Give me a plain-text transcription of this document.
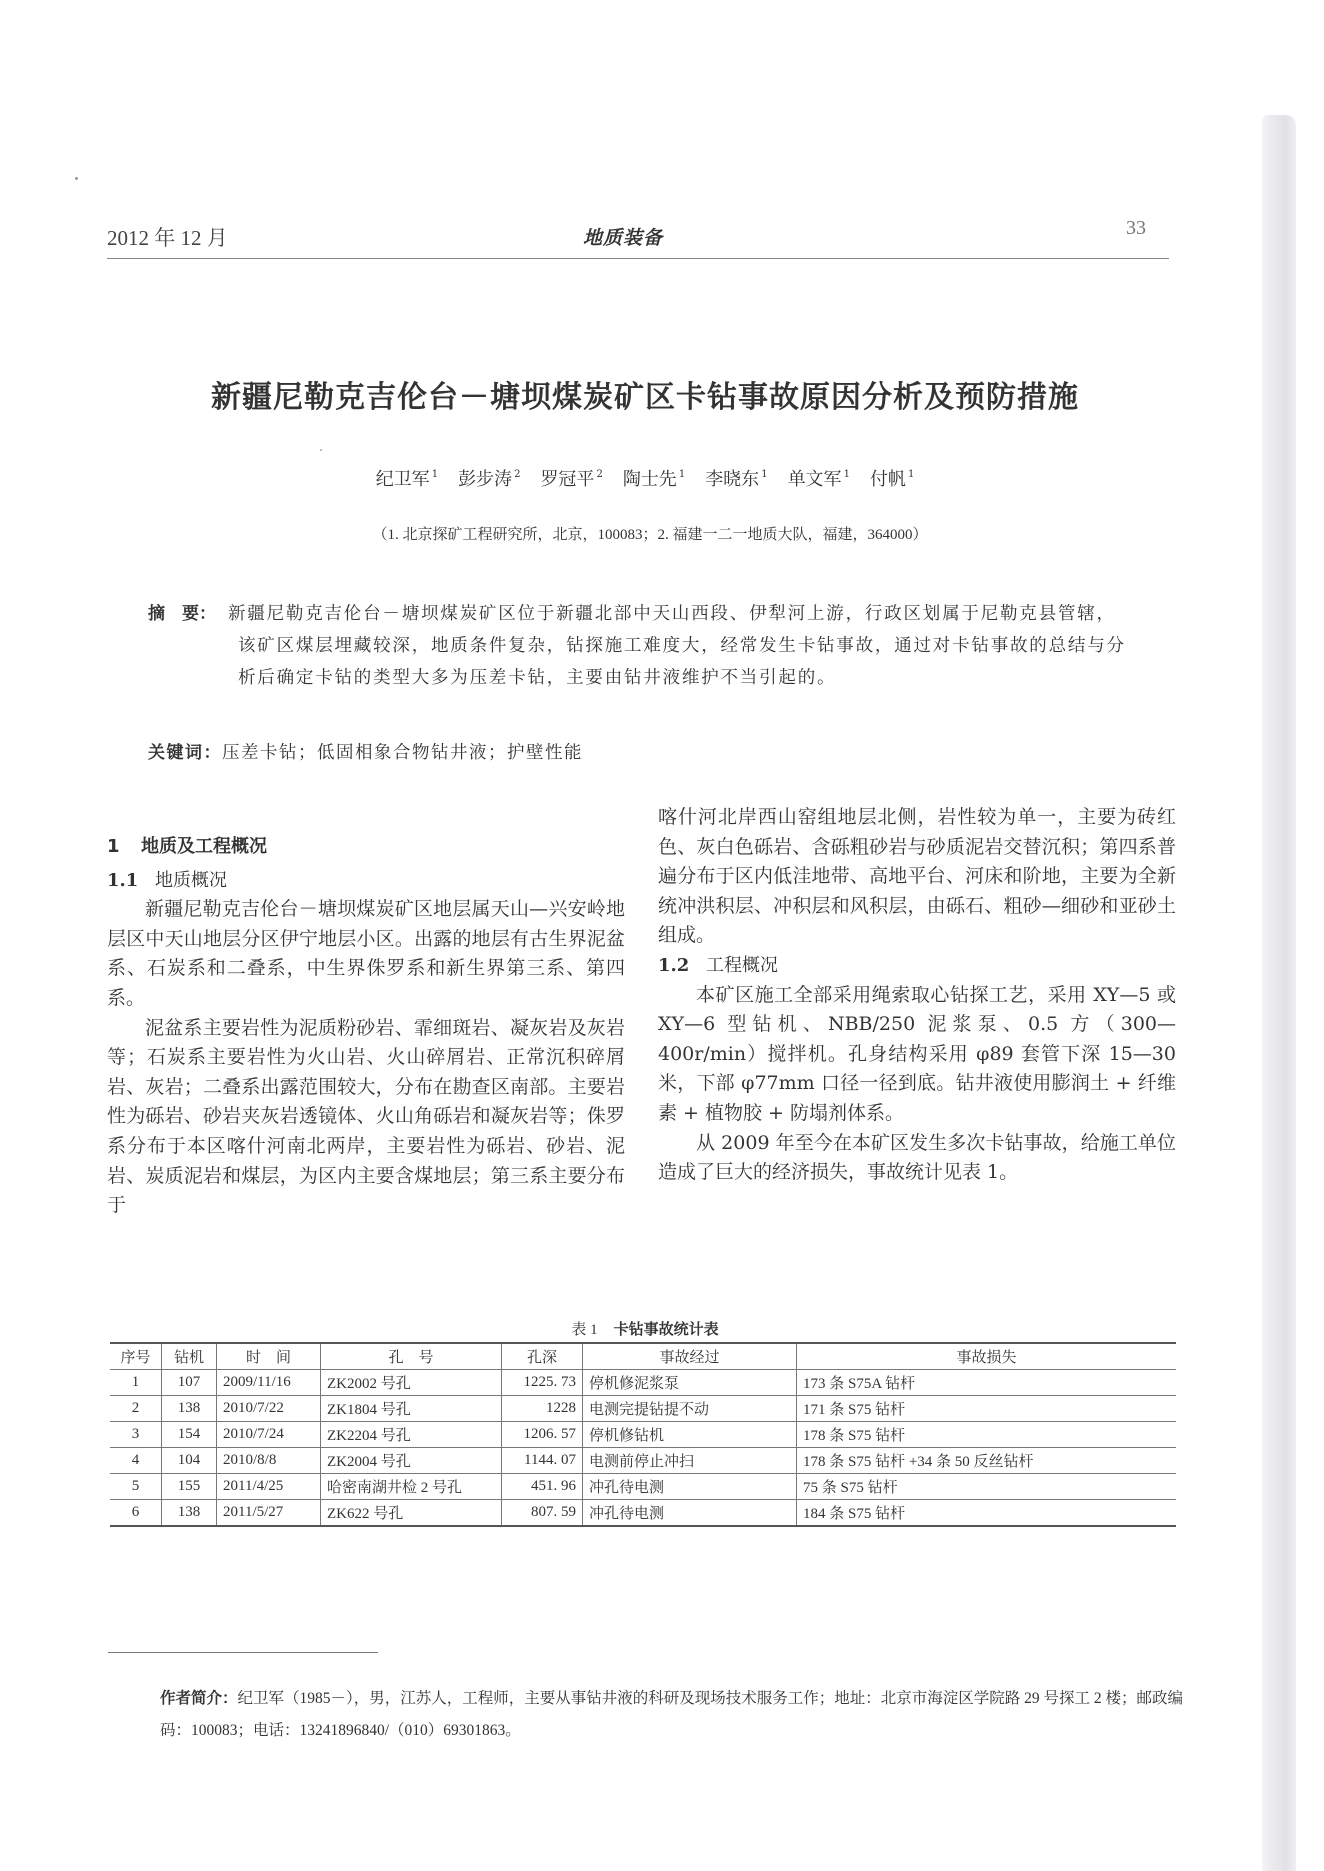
2012 年 12 月	地质装备	33
新疆尼勒克吉伦台－塘坝煤炭矿区卡钻事故原因分析及预防措施
纪卫军 $^1$ 彭步涛 $^2$ 罗冠平 $^2$ 陶士先 $^1$ 李晓东 $^1$ 单文军 $^1$ 付帆 $^1$
（1. 北京探矿工程研究所，北京，100083；2. 福建一二一地质大队，福建，364000）
摘　要： 新疆尼勒克吉伦台－塘坝煤炭矿区位于新疆北部中天山西段、伊犁河上游，行政区划属于尼勒克县管辖，该矿区煤层埋藏较深，地质条件复杂，钻探施工难度大，经常发生卡钻事故，通过对卡钻事故的总结与分析后确定卡钻的类型大多为压差卡钻，主要由钻井液维护不当引起的。
关键词：压差卡钻；低固相象合物钻井液；护壁性能
1 地质及工程概况
1.1 地质概况

新疆尼勒克吉伦台－塘坝煤炭矿区地层属天山—兴安岭地层区中天山地层分区伊宁地层小区。出露的地层有古生界泥盆系、石炭系和二叠系，中生界侏罗系和新生界第三系、第四系。

泥盆系主要岩性为泥质粉砂岩、霏细斑岩、凝灰岩及灰岩等；石炭系主要岩性为火山岩、火山碎屑岩、正常沉积碎屑岩、灰岩；二叠系出露范围较大，分布在勘查区南部。主要岩性为砾岩、砂岩夹灰岩透镜体、火山角砾岩和凝灰岩等；侏罗系分布于本区喀什河南北两岸，主要岩性为砾岩、砂岩、泥岩、炭质泥岩和煤层，为区内主要含煤地层；第三系主要分布于

喀什河北岸西山窑组地层北侧，岩性较为单一，主要为砖红色、灰白色砾岩、含砾粗砂岩与砂质泥岩交替沉积；第四系普遍分布于区内低洼地带、高地平台、河床和阶地，主要为全新统冲洪积层、冲积层和风积层，由砾石、粗砂—细砂和亚砂土组成。

1.2 工程概况

本矿区施工全部采用绳索取心钻探工艺，采用 XY—5 或 XY—6 型钻机、NBB/250 泥浆泵、0.5 方（300—400r/min）搅拌机。孔身结构采用 φ89 套管下深 15—30 米，下部 φ77mm 口径一径到底。钻井液使用膨润土 + 纤维素 + 植物胶 + 防塌剂体系。

从 2009 年至今在本矿区发生多次卡钻事故，给施工单位造成了巨大的经济损失，事故统计见表 1。

表 1 卡钻事故统计表
序号	钻机	时　间	孔　号	孔深	事故经过	事故损失
1	107	2009/11/16	ZK2002 号孔	1225. 73	停机修泥浆泵	173 条 S75A 钻杆
2	138	2010/7/22	ZK1804 号孔	1228	电测完提钻提不动	171 条 S75 钻杆
3	154	2010/7/24	ZK2204 号孔	1206. 57	停机修钻机	178 条 S75 钻杆
4	104	2010/8/8	ZK2004 号孔	1144. 07	电测前停止冲扫	178 条 S75 钻杆 +34 条 50 反丝钻杆
5	155	2011/4/25	哈密南湖井检 2 号孔	451. 96	冲孔待电测	75 条 S75 钻杆
6	138	2011/5/27	ZK622 号孔	807. 59	冲孔待电测	184 条 S75 钻杆
作者简介：纪卫军（1985－），男，江苏人，工程师，主要从事钻井液的科研及现场技术服务工作；地址：北京市海淀区学院路 29 号探工 2 楼；邮政编码：100083；电话：13241896840/（010）69301863。
